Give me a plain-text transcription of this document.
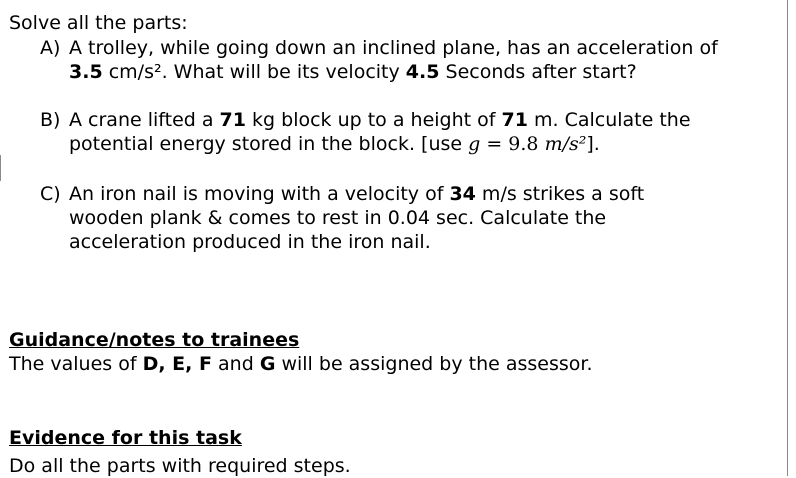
Solve all the parts:
A) A trolley, while going down an inclined plane, has an acceleration of
3.5 cm/s². What will be its velocity 4.5 Seconds after start?
B) A crane lifted a 71 kg block up to a height of 71 m. Calculate the
potential energy stored in the block. [use g = 9.8 m/s²].
C) An iron nail is moving with a velocity of 34 m/s strikes a soft
wooden plank & comes to rest in 0.04 sec. Calculate the
acceleration produced in the iron nail.
Guidance/notes to trainees
The values of D, E, F and G will be assigned by the assessor.
Evidence for this task
Do all the parts with required steps.
